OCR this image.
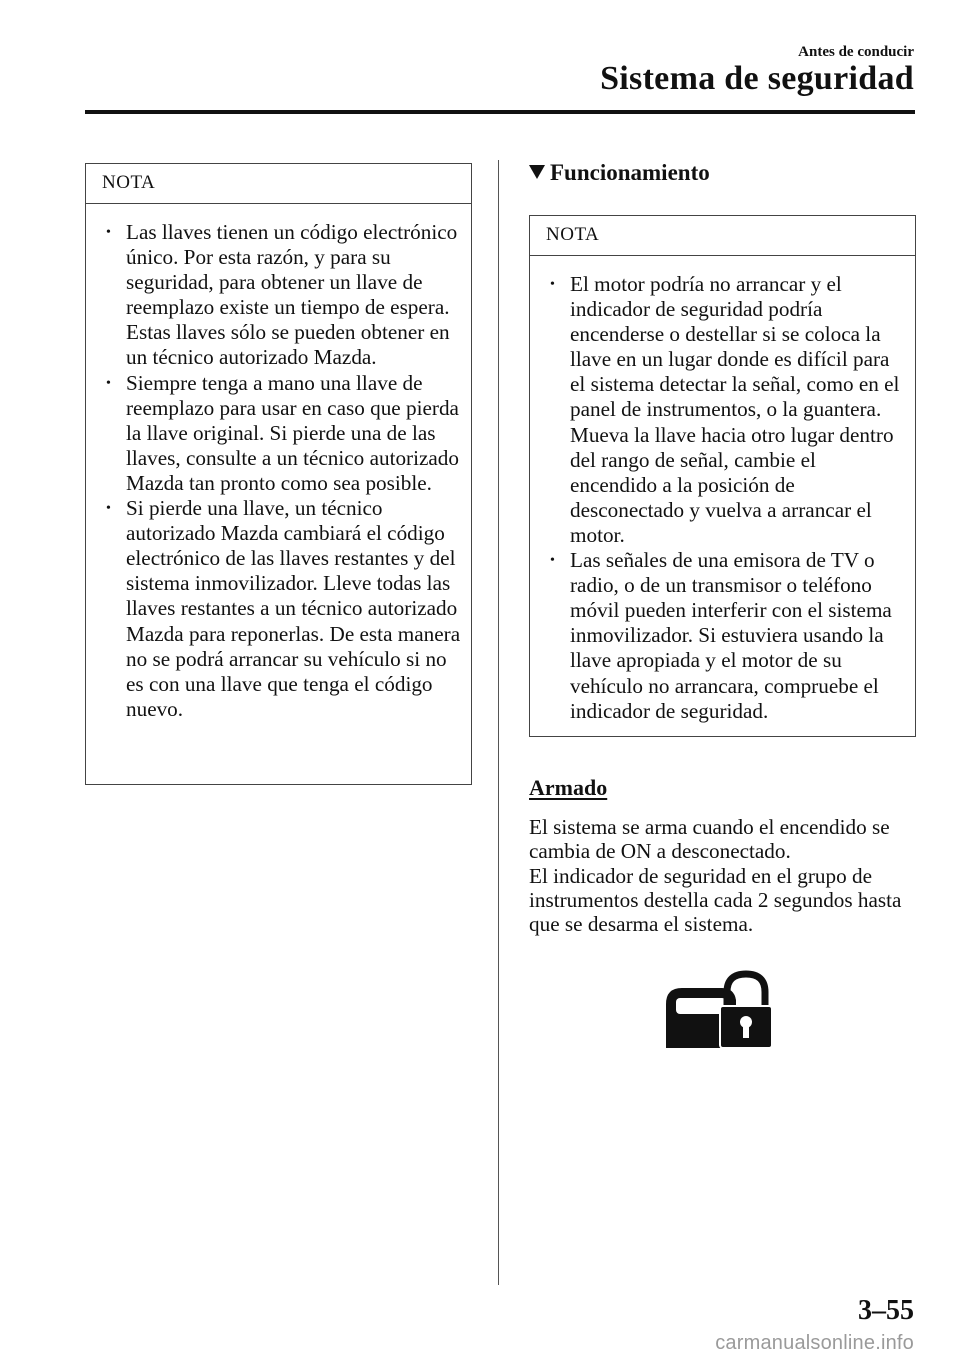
Antes de conducir
Sistema de seguridad
NOTA
• Las llaves tienen un código electrónico único. Por esta razón, y para su seguridad, para obtener un llave de reemplazo existe un tiempo de espera. Estas llaves sólo se pueden obtener en un técnico autorizado Mazda.
• Siempre tenga a mano una llave de reemplazo para usar en caso que pierda la llave original. Si pierde una de las llaves, consulte a un técnico autorizado Mazda tan pronto como sea posible.
• Si pierde una llave, un técnico autorizado Mazda cambiará el código electrónico de las llaves restantes y del sistema inmovilizador. Lleve todas las llaves restantes a un técnico autorizado Mazda para reponerlas. De esta manera no se podrá arrancar su vehículo si no es con una llave que tenga el código nuevo.
Funcionamiento
NOTA
• El motor podría no arrancar y el indicador de seguridad podría encenderse o destellar si se coloca la llave en un lugar donde es difícil para el sistema detectar la señal, como en el panel de instrumentos, o la guantera. Mueva la llave hacia otro lugar dentro del rango de señal, cambie el encendido a la posición de desconectado y vuelva a arrancar el motor.
• Las señales de una emisora de TV o radio, o de un transmisor o teléfono móvil pueden interferir con el sistema inmovilizador. Si estuviera usando la llave apropiada y el motor de su vehículo no arrancara, compruebe el indicador de seguridad.
Armado

El sistema se arma cuando el encendido se cambia de ON a desconectado.

El indicador de seguridad en el grupo de instrumentos destella cada 2 segundos hasta que se desarma el sistema.

3–55
carmanualsonline.info
